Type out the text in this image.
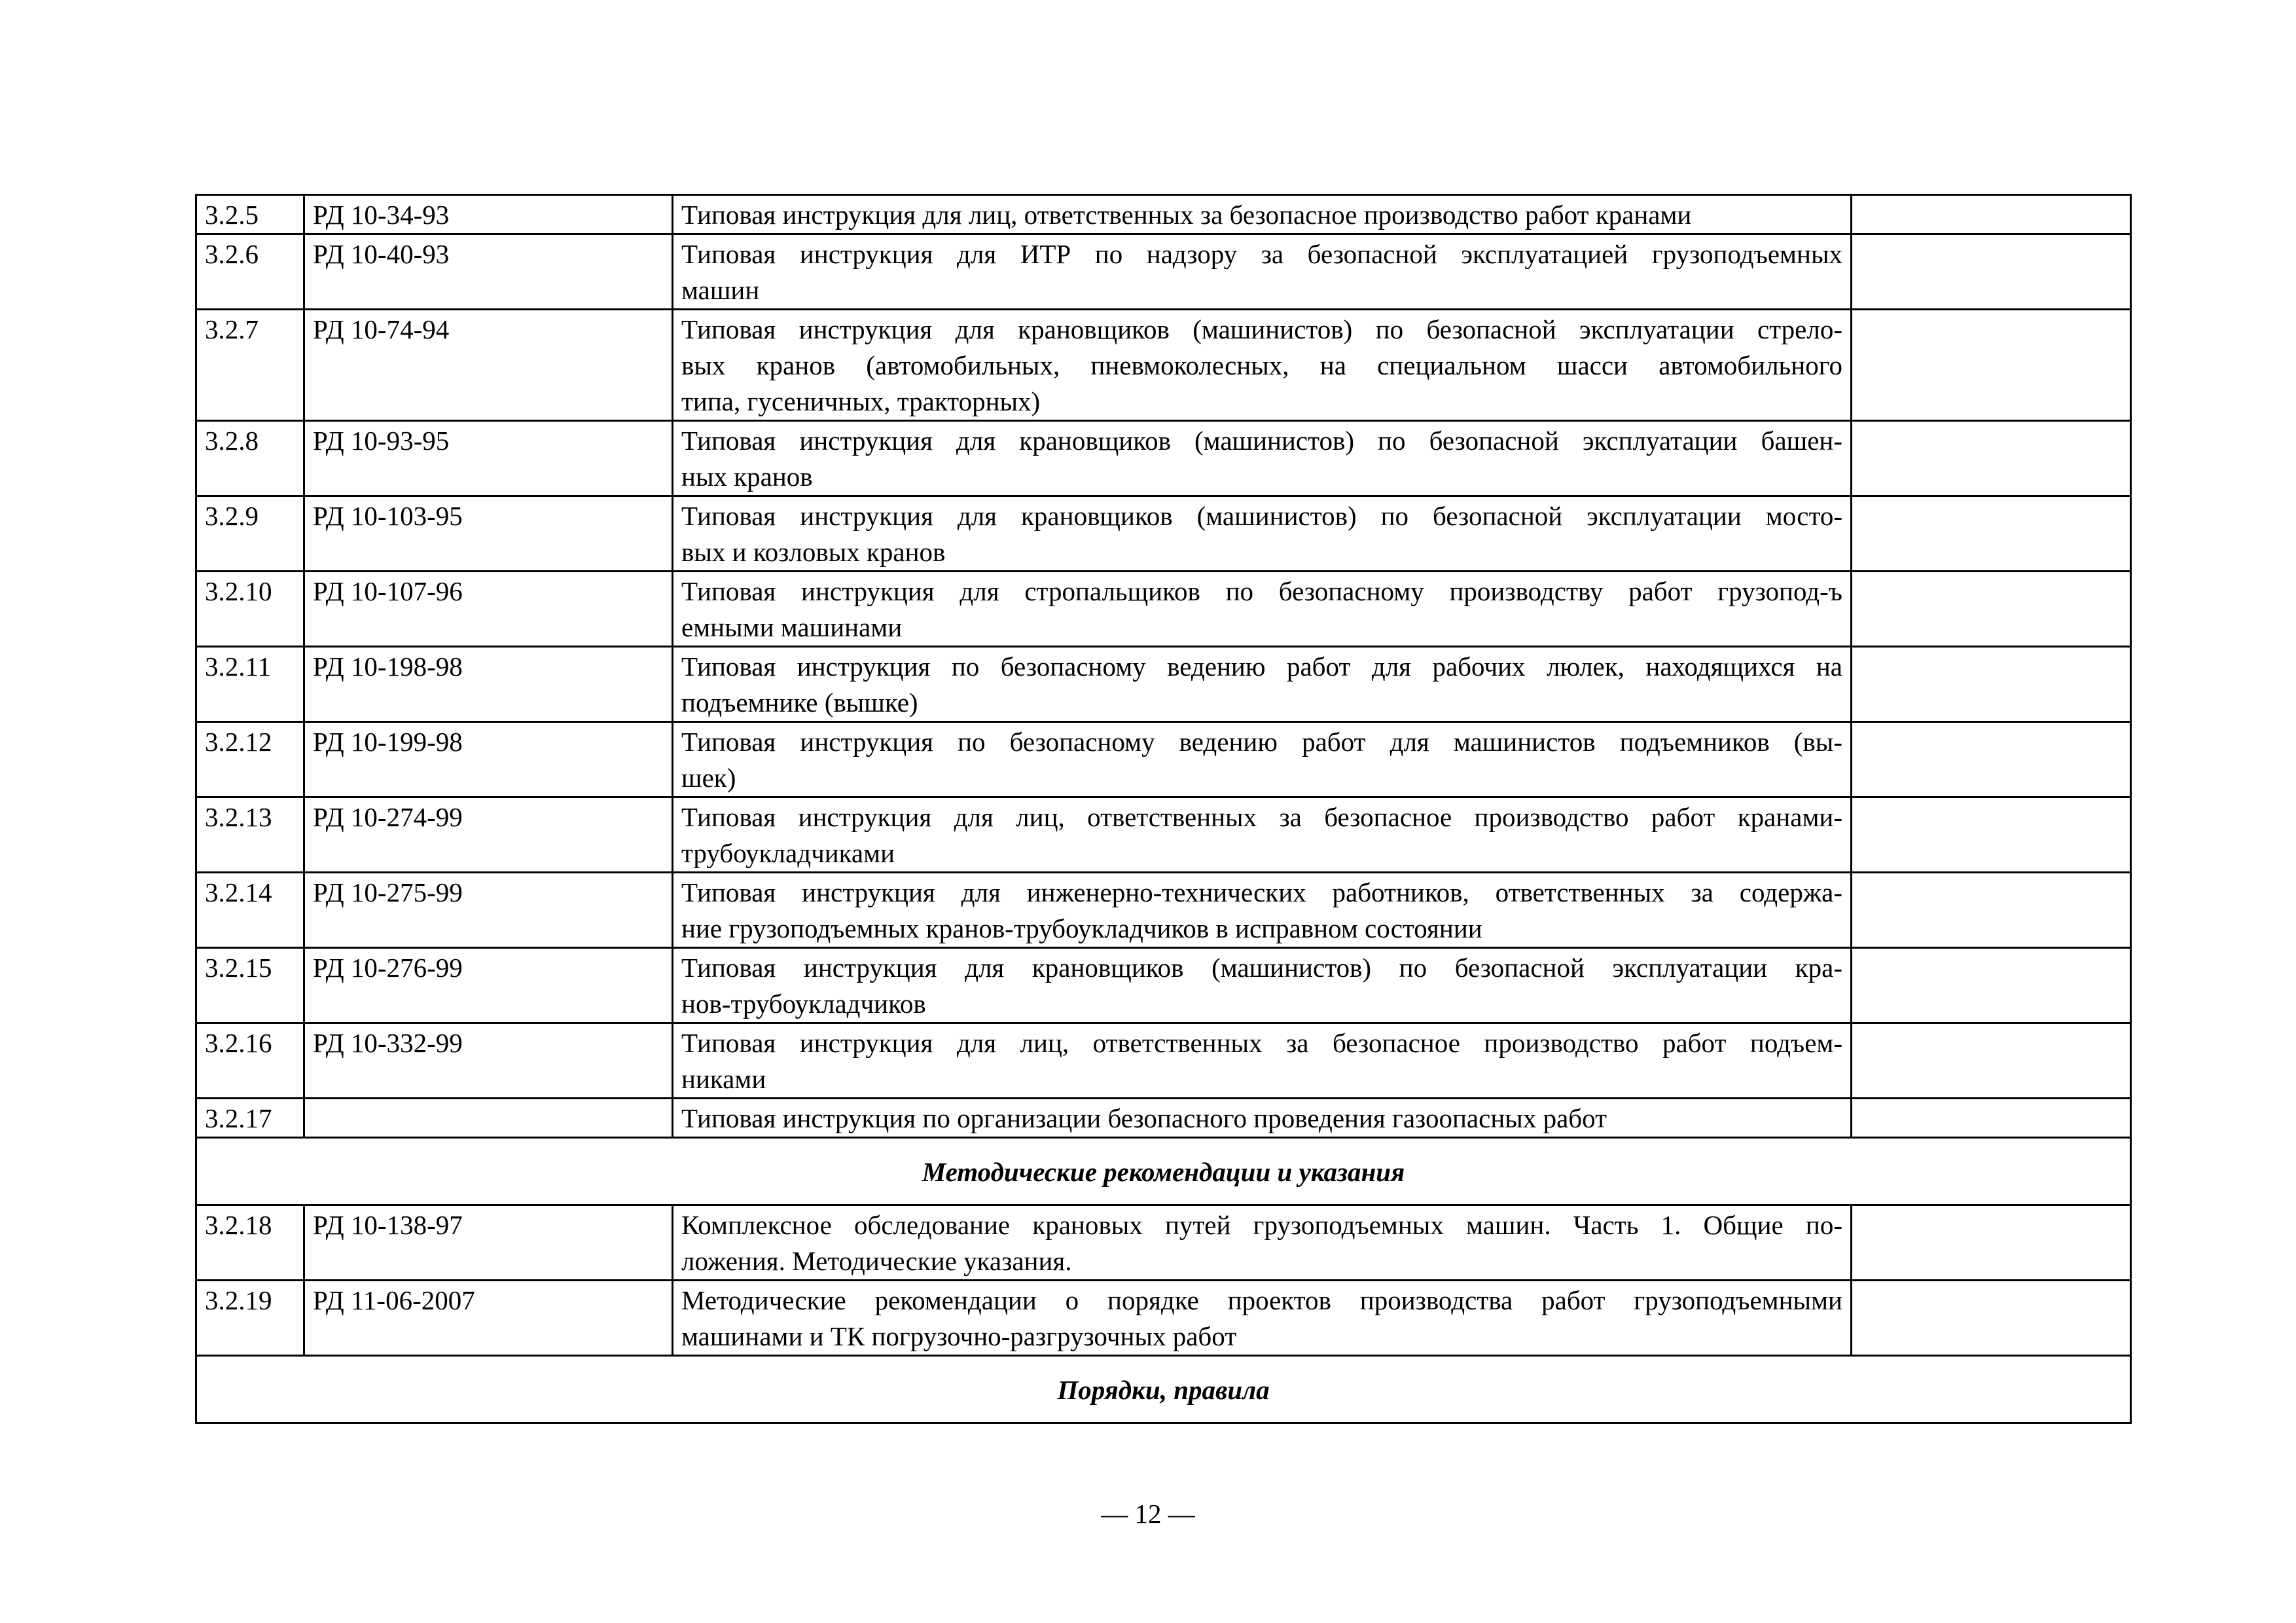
3.2.5	РД 10-34-93	Типовая инструкция для лиц, ответственных за безопасное производство работ кранами	

3.2.6	РД 10-40-93	Типовая инструкция для ИТР по надзору за безопасной эксплуатацией грузоподъемных
машин	

3.2.7	РД 10-74-94	Типовая инструкция для крановщиков (машинистов) по безопасной эксплуатации стрело-
вых кранов (автомобильных, пневмоколесных, на специальном шасси автомобильного
типа, гусеничных, тракторных)	

3.2.8	РД 10-93-95	Типовая инструкция для крановщиков (машинистов) по безопасной эксплуатации башен-
ных кранов	

3.2.9	РД 10-103-95	Типовая инструкция для крановщиков (машинистов) по безопасной эксплуатации мосто-
вых и козловых кранов	

3.2.10	РД 10-107-96	Типовая инструкция для стропальщиков по безопасному производству работ грузопод-ъ
емными машинами	

3.2.11	РД 10-198-98	Типовая инструкция по безопасному ведению работ для рабочих люлек, находящихся на
подъемнике (вышке)	

3.2.12	РД 10-199-98	Типовая инструкция по безопасному ведению работ для машинистов подъемников (вы-
шек)	

3.2.13	РД 10-274-99	Типовая инструкция для лиц, ответственных за безопасное производство работ кранами-
трубоукладчиками	

3.2.14	РД 10-275-99	Типовая инструкция для инженерно-технических работников, ответственных за содержа-
ние грузоподъемных кранов-трубоукладчиков в исправном состоянии	

3.2.15	РД 10-276-99	Типовая инструкция для крановщиков (машинистов) по безопасной эксплуатации кра-
нов-трубоукладчиков	

3.2.16	РД 10-332-99	Типовая инструкция для лиц, ответственных за безопасное производство работ подъем-
никами	

3.2.17		Типовая инструкция по организации безопасного проведения газоопасных работ	

Методические рекомендации и указания			
3.2.18	РД 10-138-97	Комплексное обследование крановых путей грузоподъемных машин. Часть 1. Общие по-
ложения. Методические указания.	

3.2.19	РД 11-06-2007	Методические рекомендации о порядке проектов производства работ грузоподъемными
машинами и ТК погрузочно-разгрузочных работ	

Порядки, правила			
— 12 —
